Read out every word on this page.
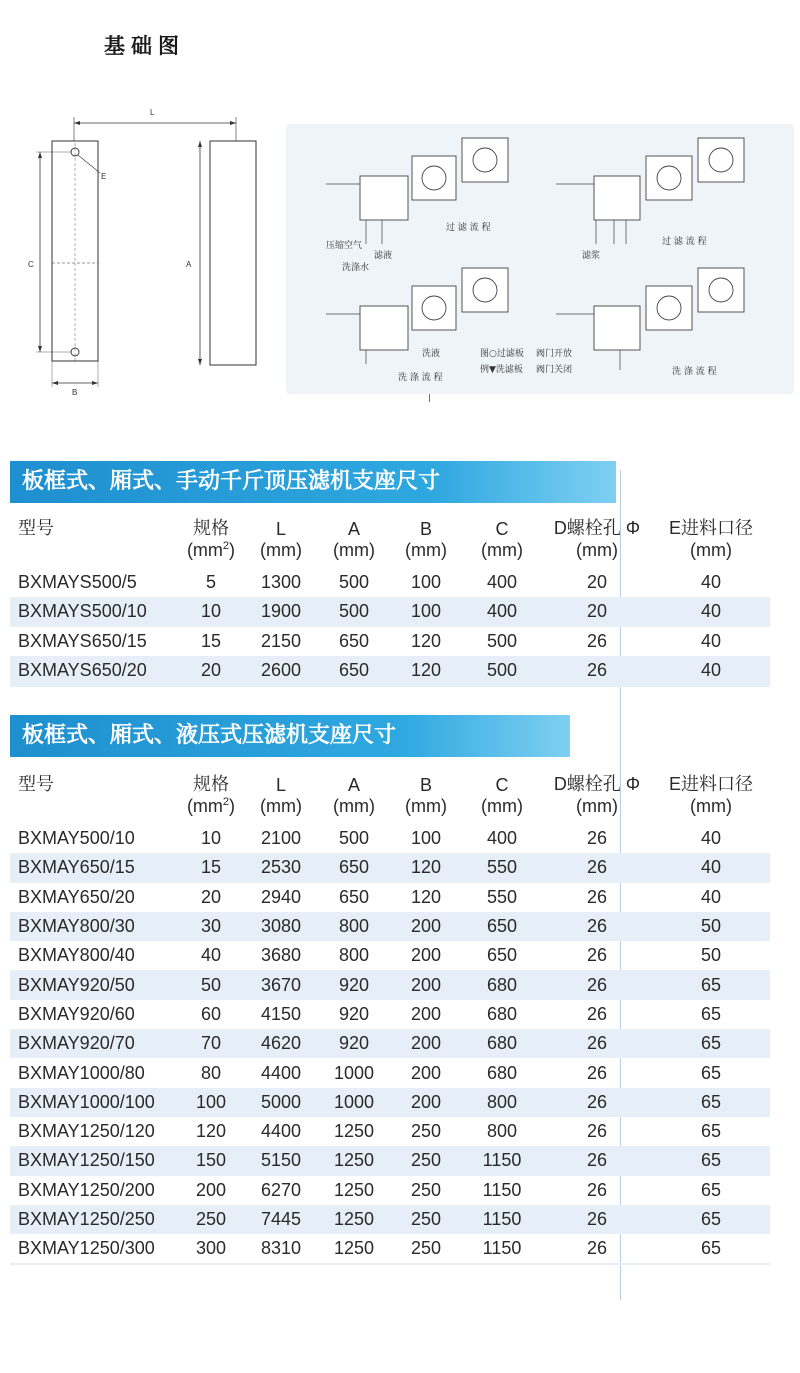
基础图
L
E
C
B
A
过 滤 流 程
过 滤 流 程
滤液	滤浆
压缩空气
洗涤水
洗液
洗 涤 流 程
洗 涤 流 程
图○过滤板
例▼洗滤板
阀门开放
阀门关闭
板框式、厢式、手动千斤顶压滤机支座尺寸
型号	规格	L	A	B	C	D螺栓孔 Φ	E进料口径
	$(mm^2)$	(mm)	(mm)	(mm)	(mm)	(mm)	(mm)
BXMAYS500/5	5	1300	500	100	400	20	40
BXMAYS500/10	10	1900	500	100	400	20	40
BXMAYS650/15	15	2150	650	120	500	26	40
BXMAYS650/20	20	2600	650	120	500	26	40
板框式、厢式、液压式压滤机支座尺寸
型号	规格	L	A	B	C	D螺栓孔 Φ	E进料口径
	$(mm^2)$	(mm)	(mm)	(mm)	(mm)	(mm)	(mm)
BXMAY500/10	10	2100	500	100	400	26	40
BXMAY650/15	15	2530	650	120	550	26	40
BXMAY650/20	20	2940	650	120	550	26	40
BXMAY800/30	30	3080	800	200	650	26	50
BXMAY800/40	40	3680	800	200	650	26	50
BXMAY920/50	50	3670	920	200	680	26	65
BXMAY920/60	60	4150	920	200	680	26	65
BXMAY920/70	70	4620	920	200	680	26	65
BXMAY1000/80	80	4400	1000	200	680	26	65
BXMAY1000/100	100	5000	1000	200	800	26	65
BXMAY1250/120	120	4400	1250	250	800	26	65
BXMAY1250/150	150	5150	1250	250	1150	26	65
BXMAY1250/200	200	6270	1250	250	1150	26	65
BXMAY1250/250	250	7445	1250	250	1150	26	65
BXMAY1250/300	300	8310	1250	250	1150	26	65
